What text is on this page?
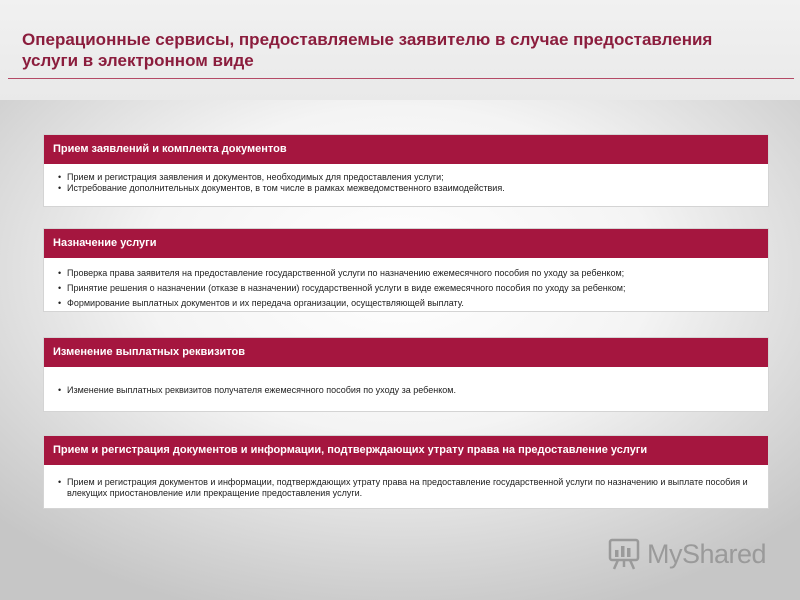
Операционные сервисы, предоставляемые заявителю в случае предоставления услуги в электронном виде
Прием заявлений и комплекта документов
• Прием и регистрация заявления и документов, необходимых для предоставления услуги;
• Истребование дополнительных документов, в том числе в рамках межведомственного взаимодействия.
Назначение услуги
• Проверка права заявителя на предоставление государственной услуги по назначению ежемесячного пособия по уходу за ребенком;
• Принятие решения о назначении (отказе в назначении) государственной услуги в виде ежемесячного пособия по уходу за ребенком;
• Формирование выплатных документов и их передача организации, осуществляющей выплату.
Изменение выплатных реквизитов
• Изменение выплатных реквизитов получателя ежемесячного пособия по уходу за ребенком.
Прием и регистрация документов и информации, подтверждающих утрату права на предоставление услуги
• Прием и регистрация документов и информации, подтверждающих утрату права на предоставление государственной услуги по назначению и выплате пособия и влекущих приостановление или прекращение предоставления услуги.
MyShared
